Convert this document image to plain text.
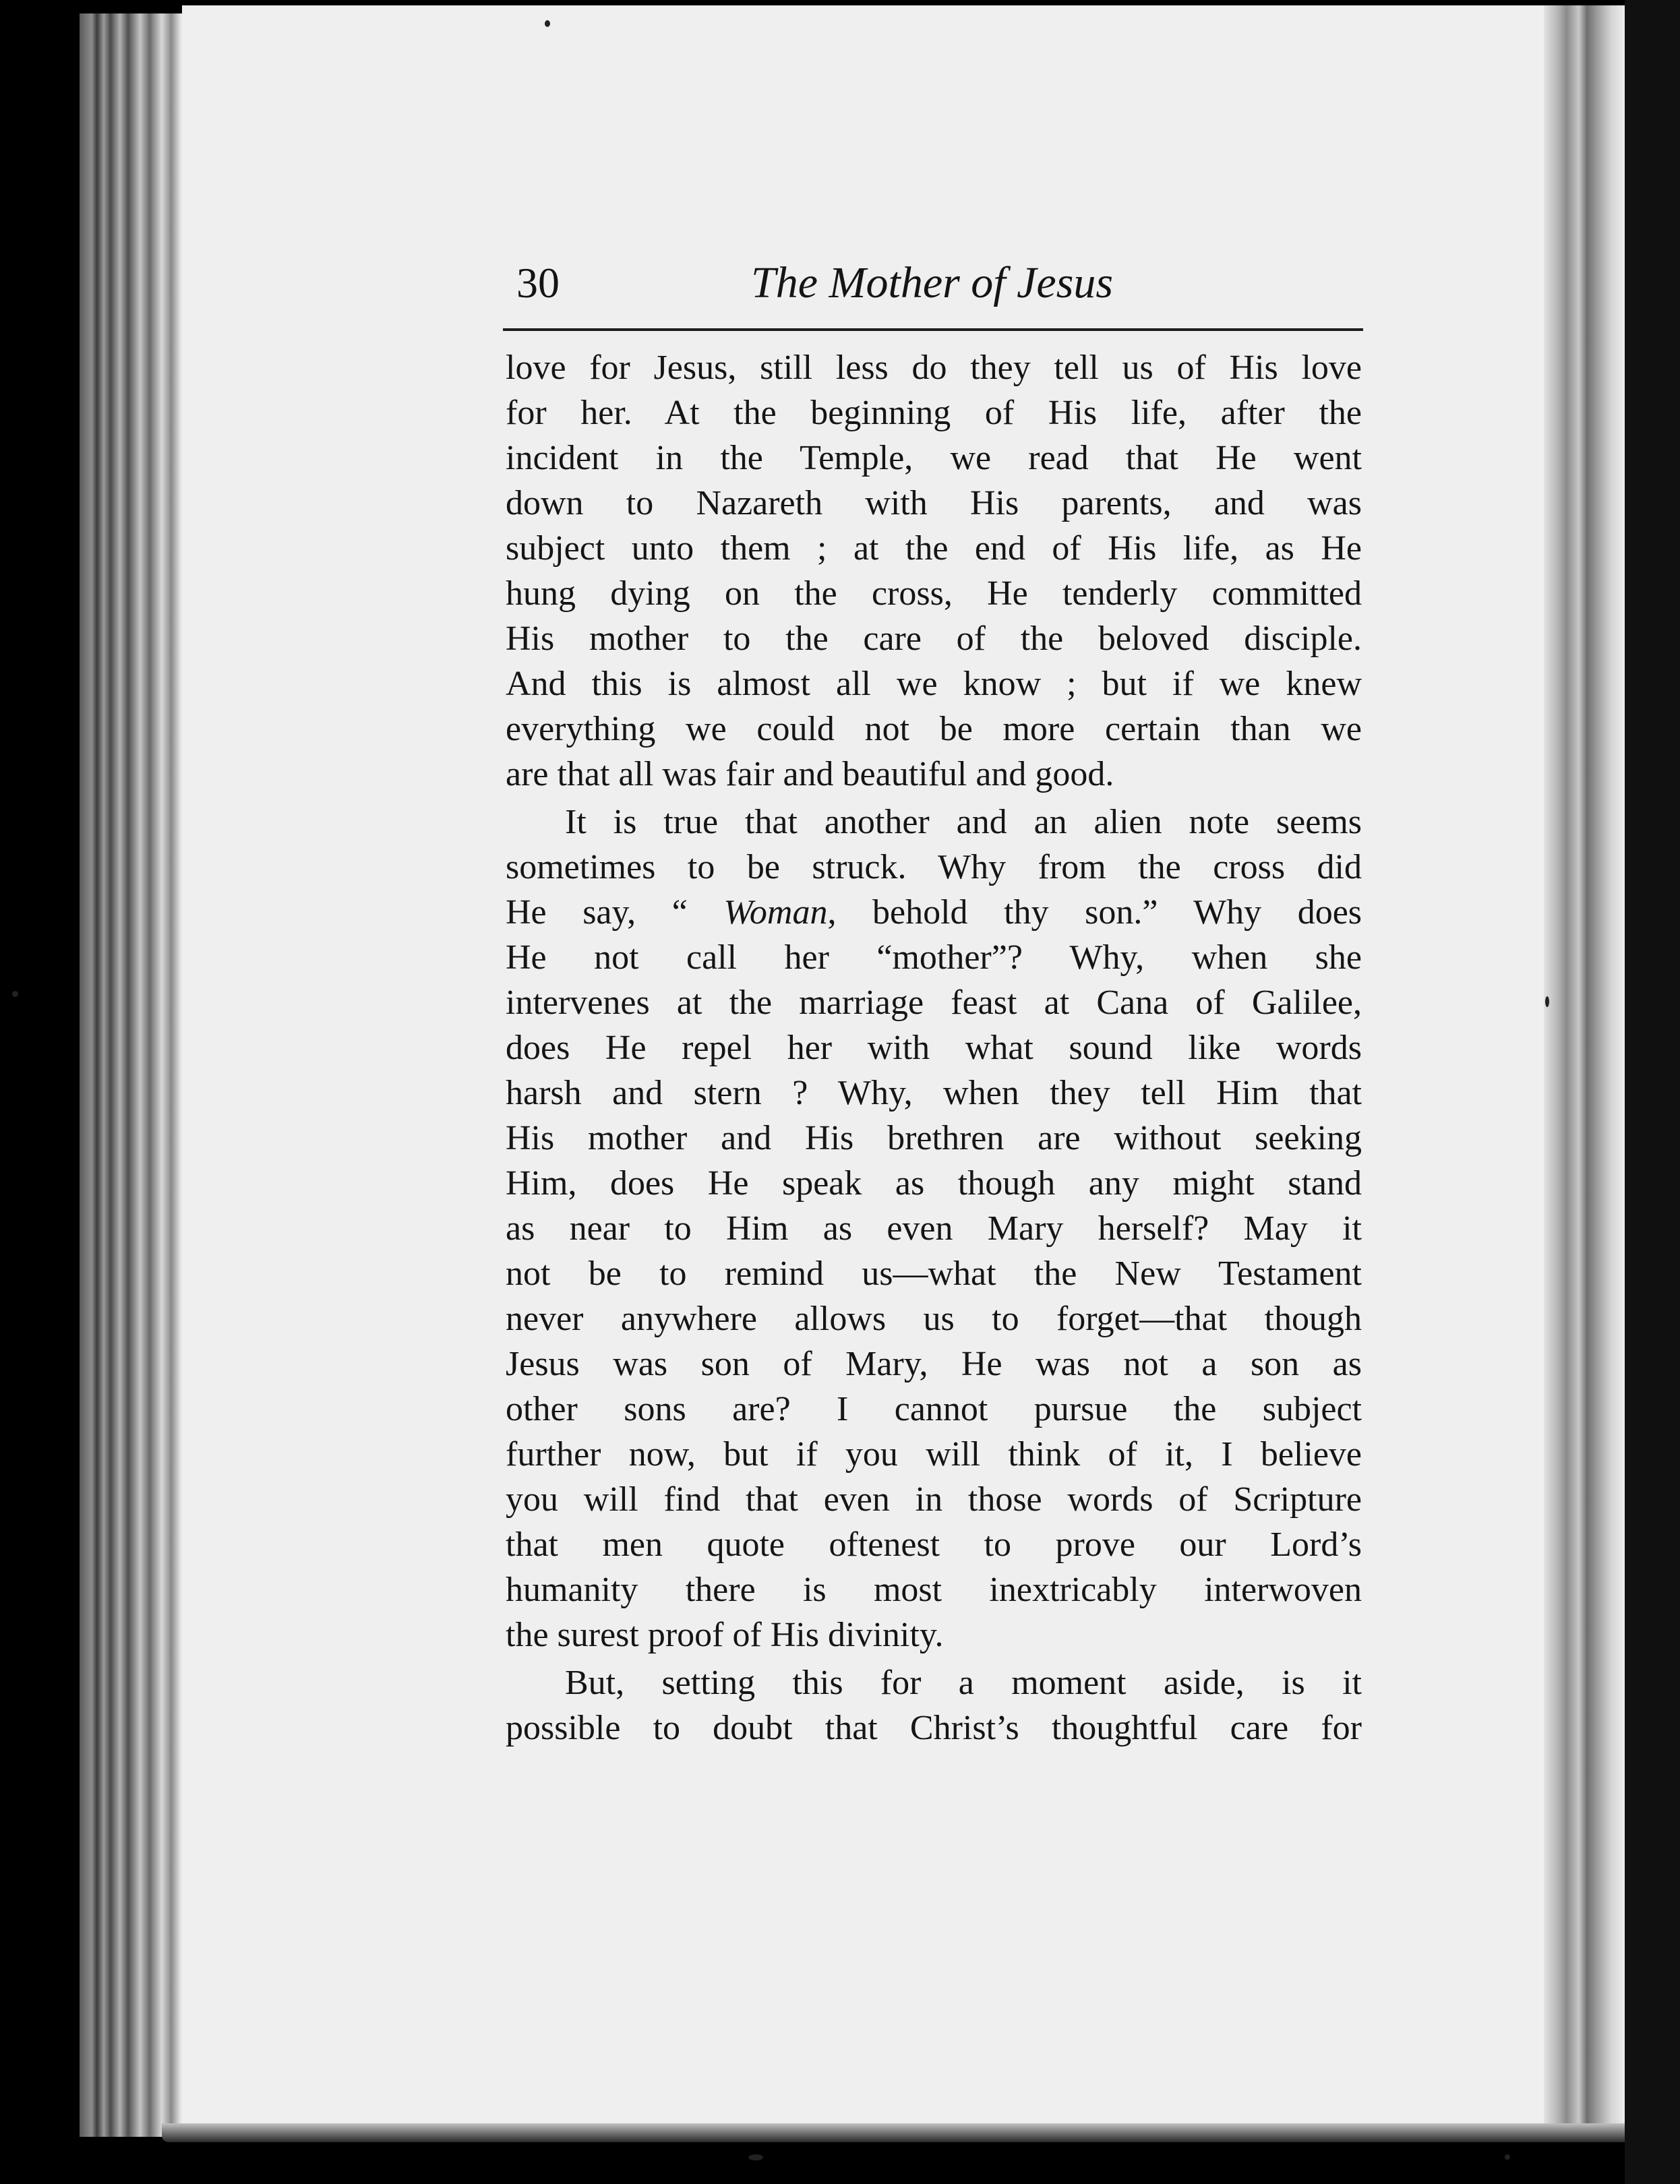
30	The Mother of Jesus
love for Jesus, still less do they tell us of His love
for her. At the beginning of His life, after the
incident in the Temple, we read that He went
down to Nazareth with His parents, and was
subject unto them ; at the end of His life, as He
hung dying on the cross, He tenderly committed
His mother to the care of the beloved disciple.
And this is almost all we know ; but if we knew
everything we could not be more certain than we
are that all was fair and beautiful and good.
It is true that another and an alien note seems
sometimes to be struck. Why from the cross did
He say, “ Woman, behold thy son.” Why does
He not call her “mother”? Why, when she
intervenes at the marriage feast at Cana of Galilee,
does He repel her with what sound like words
harsh and stern ? Why, when they tell Him that
His mother and His brethren are without seeking
Him, does He speak as though any might stand
as near to Him as even Mary herself? May it
not be to remind us—what the New Testament
never anywhere allows us to forget—that though
Jesus was son of Mary, He was not a son as
other sons are? I cannot pursue the subject
further now, but if you will think of it, I believe
you will find that even in those words of Scripture
that men quote oftenest to prove our Lord’s
humanity there is most inextricably interwoven
the surest proof of His divinity.
But, setting this for a moment aside, is it
possible to doubt that Christ’s thoughtful care for
